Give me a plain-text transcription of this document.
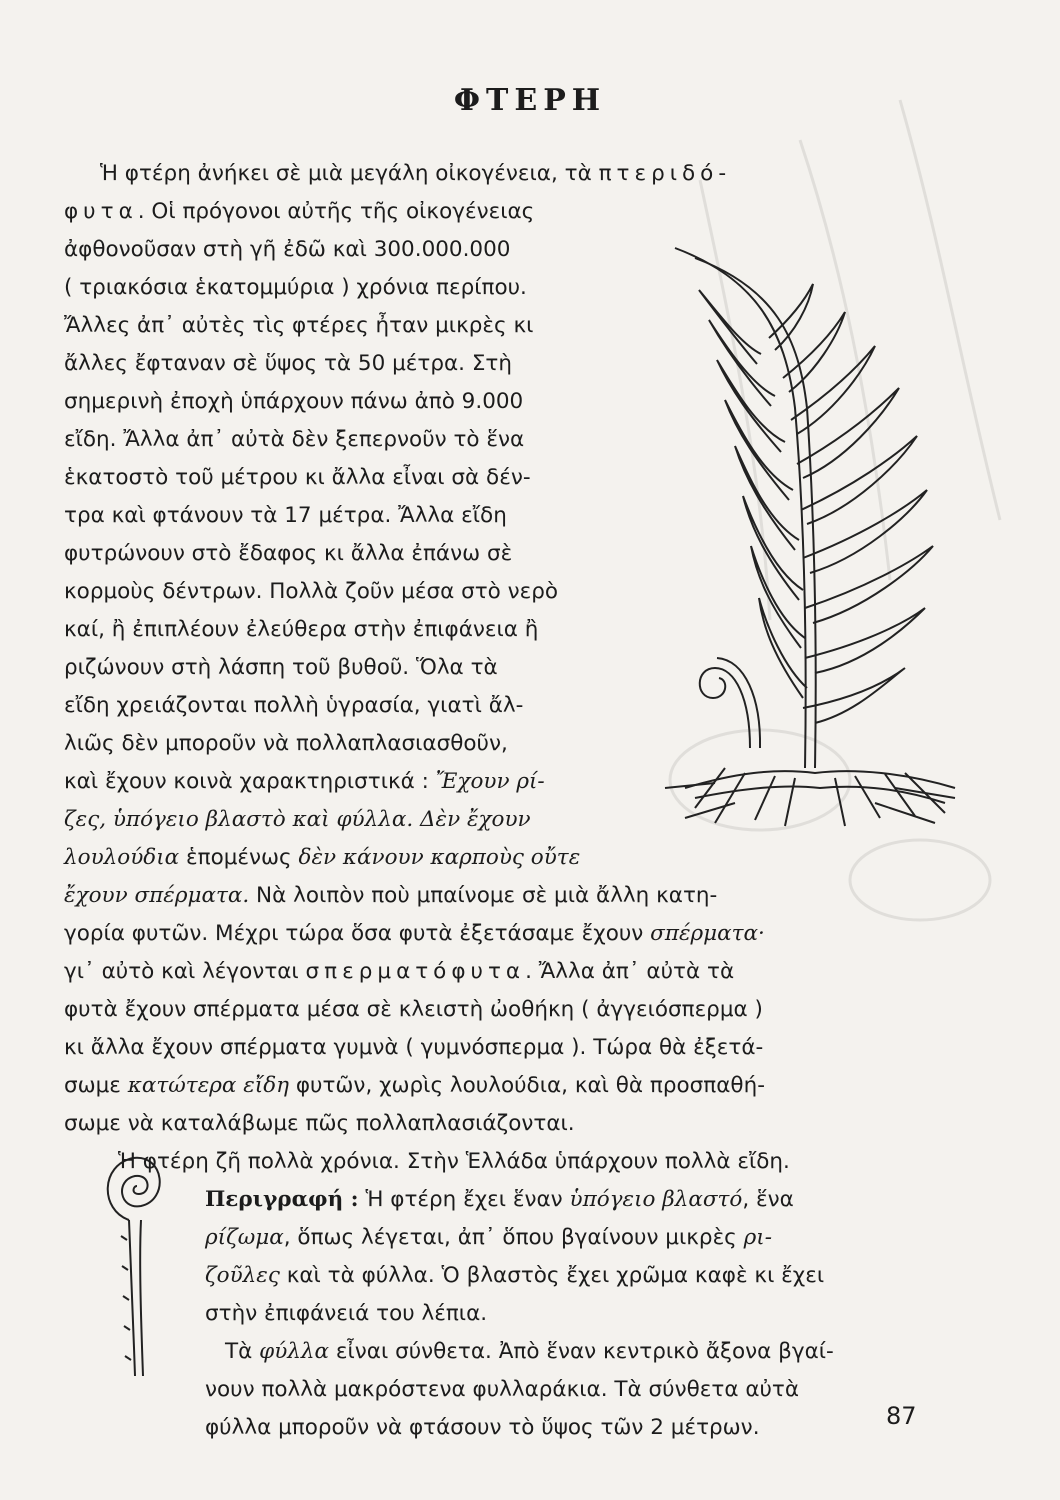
ΦΤΕΡΗ
Ἡ φτέρη ἀνήκει σὲ μιὰ μεγάλη οἰκογένεια, τὰ πτεριδό-
φυτα. Οἱ πρόγονοι αὐτῆς τῆς οἰκογένειας
ἀφθονοῦσαν στὴ γῆ ἐδῶ καὶ 300.000.000
( τριακόσια ἑκατομμύρια ) χρόνια περίπου.
Ἄλλες ἀπ᾽ αὐτὲς τὶς φτέρες ἦταν μικρὲς κι
ἄλλες ἔφταναν σὲ ὕψος τὰ 50 μέτρα. Στὴ
σημερινὴ ἐποχὴ ὑπάρχουν πάνω ἀπὸ 9.000
εἴδη. Ἄλλα ἀπ᾽ αὐτὰ δὲν ξεπερνοῦν τὸ ἕνα
ἑκατοστὸ τοῦ μέτρου κι ἄλλα εἶναι σὰ δέν-
τρα καὶ φτάνουν τὰ 17 μέτρα. Ἄλλα εἴδη
φυτρώνουν στὸ ἔδαφος κι ἄλλα ἐπάνω σὲ
κορμοὺς δέντρων. Πολλὰ ζοῦν μέσα στὸ νερὸ
καί, ἢ ἐπιπλέουν ἐλεύθερα στὴν ἐπιφάνεια ἢ
ριζώνουν στὴ λάσπη τοῦ βυθοῦ. Ὅλα τὰ
εἴδη χρειάζονται πολλὴ ὑγρασία, γιατὶ ἄλ-
λιῶς δὲν μποροῦν νὰ πολλαπλασιασθοῦν,
καὶ ἔχουν κοινὰ χαρακτηριστικά : Ἔχουν ρί-
ζες, ὑπόγειο βλαστὸ καὶ φύλλα. Δὲν ἔχουν
λουλούδια ἑπομένως δὲν κάνουν καρποὺς οὔτε
ἔχουν σπέρματα. Νὰ λοιπὸν ποὺ μπαίνομε σὲ μιὰ ἄλλη κατη-
γορία φυτῶν. Μέχρι τώρα ὅσα φυτὰ ἐξετάσαμε ἔχουν σπέρματα·
γι᾽ αὐτὸ καὶ λέγονται σπερματόφυτα. Ἄλλα ἀπ᾽ αὐτὰ τὰ
φυτὰ ἔχουν σπέρματα μέσα σὲ κλειστὴ ὠοθήκη ( ἀγγειόσπερμα )
κι ἄλλα ἔχουν σπέρματα γυμνὰ ( γυμνόσπερμα ). Τώρα θὰ ἐξετά-
σωμε κατώτερα εἴδη φυτῶν, χωρὶς λουλούδια, καὶ θὰ προσπαθή-
σωμε νὰ καταλάβωμε πῶς πολλαπλασιάζονται.
Ἡ φτέρη ζῆ πολλὰ χρόνια. Στὴν Ἑλλάδα ὑπάρχουν πολλὰ εἴδη.
Περιγραφή : Ἡ φτέρη ἔχει ἕναν ὑπόγειο βλαστό, ἕνα
ρίζωμα, ὅπως λέγεται, ἀπ᾽ ὅπου βγαίνουν μικρὲς ρι-
ζοῦλες καὶ τὰ φύλλα. Ὁ βλαστὸς ἔχει χρῶμα καφὲ κι ἔχει
στὴν ἐπιφάνειά του λέπια.
Τὰ φύλλα εἶναι σύνθετα. Ἀπὸ ἕναν κεντρικὸ ἄξονα βγαί-
νουν πολλὰ μακρόστενα φυλλαράκια. Τὰ σύνθετα αὐτὰ
φύλλα μποροῦν νὰ φτάσουν τὸ ὕψος τῶν 2 μέτρων.	87
